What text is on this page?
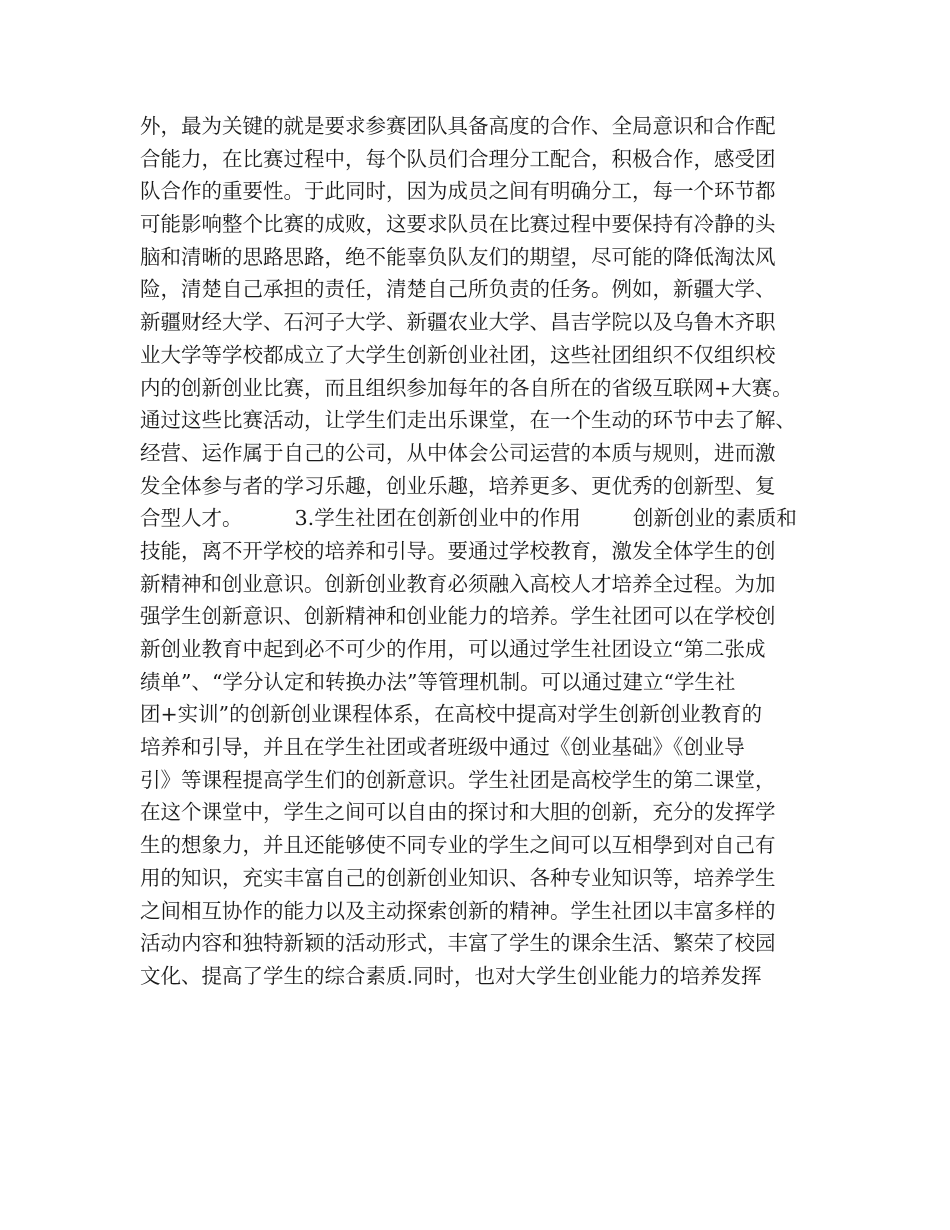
外，最为关键的就是要求参赛团队具备高度的合作、全局意识和合作配
合能力，在比赛过程中，每个队员们合理分工配合，积极合作，感受团
队合作的重要性。于此同时，因为成员之间有明确分工，每一个环节都
可能影响整个比赛的成败，这要求队员在比赛过程中要保持有冷静的头
脑和清晰的思路思路，绝不能辜负队友们的期望，尽可能的降低淘汰风
险，清楚自己承担的责任，清楚自己所负责的任务。例如，新疆大学、
新疆财经大学、石河子大学、新疆农业大学、昌吉学院以及乌鲁木齐职
业大学等学校都成立了大学生创新创业社团，这些社团组织不仅组织校
内的创新创业比赛，而且组织参加每年的各自所在的省级互联网+大赛。
通过这些比赛活动，让学生们走出乐课堂，在一个生动的环节中去了解、
经营、运作属于自己的公司，从中体会公司运营的本质与规则，进而激
发全体参与者的学习乐趣，创业乐趣，培养更多、更优秀的创新型、复
合型人才。        3.学生社团在创新创业中的作用        创新创业的素质和
技能，离不开学校的培养和引导。要通过学校教育，激发全体学生的创
新精神和创业意识。创新创业教育必须融入高校人才培养全过程。为加
强学生创新意识、创新精神和创业能力的培养。学生社团可以在学校创
新创业教育中起到必不可少的作用，可以通过学生社团设立“第二张成
绩单”、“学分认定和转换办法”等管理机制。可以通过建立“学生社
团+实训”的创新创业课程体系，在高校中提高对学生创新创业教育的
培养和引导，并且在学生社团或者班级中通过《创业基础》《创业导
引》等课程提高学生们的创新意识。学生社团是高校学生的第二课堂，
在这个课堂中，学生之间可以自由的探讨和大胆的创新，充分的发挥学
生的想象力，并且还能够使不同专业的学生之间可以互相學到对自己有
用的知识，充实丰富自己的创新创业知识、各种专业知识等，培养学生
之间相互协作的能力以及主动探索创新的精神。学生社团以丰富多样的
活动内容和独特新颖的活动形式，丰富了学生的课余生活、繁荣了校园
文化、提高了学生的综合素质.同时，也对大学生创业能力的培养发挥
